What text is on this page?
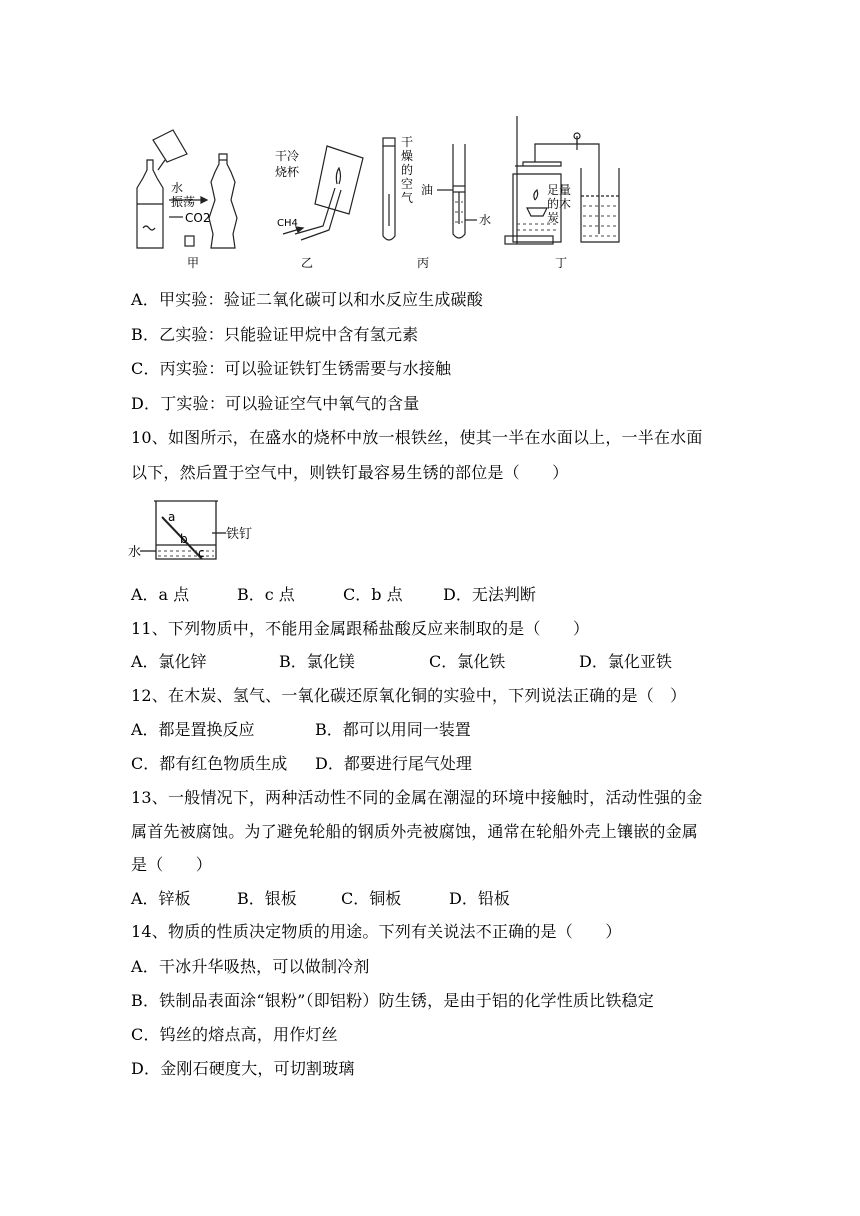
水
振荡
CO2
甲
干冷
烧杯
CH4
乙
干
燥
的
空
气
丙
油
水
足量
的木
炭
丁
A．甲实验：验证二氧化碳可以和水反应生成碳酸
B．乙实验：只能验证甲烷中含有氢元素
C．丙实验：可以验证铁钉生锈需要与水接触
D．丁实验：可以验证空气中氧气的含量
10、如图所示，在盛水的烧杯中放一根铁丝，使其一半在水面以上，一半在水面
以下，然后置于空气中，则铁钉最容易生锈的部位是（　　）
a
b
c
铁钉
水
A．a 点	B．c 点	C．b 点	D．无法判断
11、下列物质中，不能用金属跟稀盐酸反应来制取的是（　　）
A．氯化锌	B．氯化镁	C．氯化铁	D．氯化亚铁
12、在木炭、氢气、一氧化碳还原氧化铜的实验中，下列说法正确的是（　）
A．都是置换反应	B．都可以用同一装置
C．都有红色物质生成 D．都要进行尾气处理
13、一般情况下，两种活动性不同的金属在潮湿的环境中接触时，活动性强的金
属首先被腐蚀。为了避免轮船的钢质外壳被腐蚀，通常在轮船外壳上镶嵌的金属
是（　　）
A．锌板	B．银板	C．铜板	D．铅板
14、物质的性质决定物质的用途。下列有关说法不正确的是（　　）
A．干冰升华吸热，可以做制冷剂
B．铁制品表面涂“银粉”（即铝粉）防生锈，是由于铝的化学性质比铁稳定
C．钨丝的熔点高，用作灯丝
D．金刚石硬度大，可切割玻璃
